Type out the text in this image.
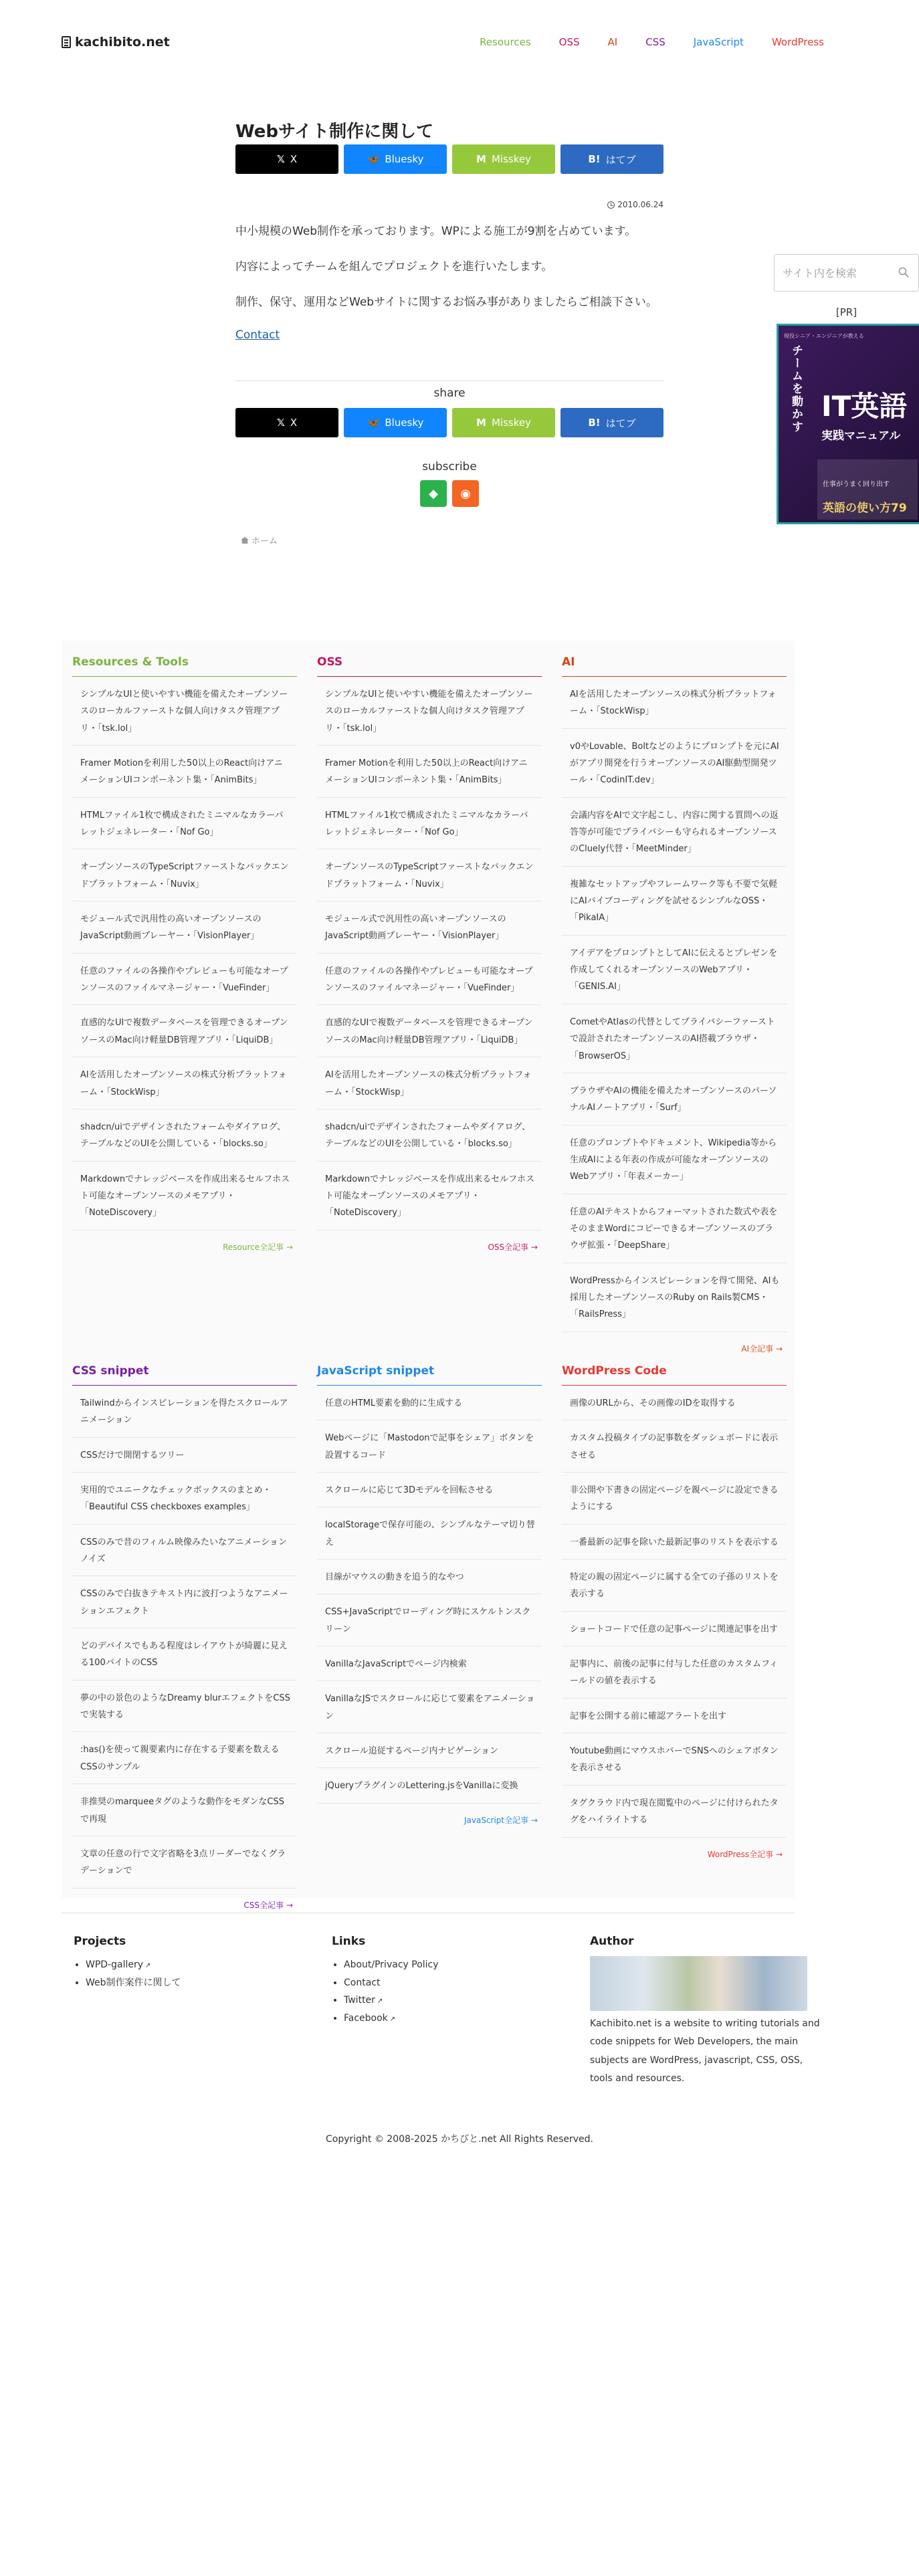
kachibito.net	Resources	OSS	AI	CSS	JavaScript	WordPress
Webサイト制作に関して
𝕏 X	🦋 Bluesky	M Misskey	B! はてブ
2010.06.24

中小規模のWeb制作を承っております。WPによる施工が9割を占めています。

内容によってチームを組んでプロジェクトを進行いたします。

制作、保守、運用などWebサイトに関するお悩み事がありましたらご相談下さい。

Contact
share
𝕏 X	🦋 Bluesky	M Misskey	B! はてブ
subscribe
◆	◉
ホーム
サイト内を検索
[PR]
現役シニア・エンジニアが教える
チームを動かす IT英語
実践マニュアル
仕事がうまく回り出す
英語の使い方79
Resources & Tools
シンプルなUIと使いやすい機能を備えたオープンソースのローカルファーストな個人向けタスク管理アプリ・「tsk.lol」
Framer Motionを利用した50以上のReact向けアニメーションUIコンポーネント集・「AnimBits」
HTMLファイル1枚で構成されたミニマルなカラーパレットジェネレーター・「Nof Go」
オープンソースのTypeScriptファーストなバックエンドプラットフォーム・「Nuvix」
モジュール式で汎用性の高いオープンソースのJavaScript動画プレーヤー・「VisionPlayer」
任意のファイルの各操作やプレビューも可能なオープンソースのファイルマネージャー・「VueFinder」
直感的なUIで複数データベースを管理できるオープンソースのMac向け軽量DB管理アプリ・「LiquiDB」
AIを活用したオープンソースの株式分析プラットフォーム・「StockWisp」
shadcn/uiでデザインされたフォームやダイアログ、テーブルなどのUIを公開している・「blocks.so」
Markdownでナレッジベースを作成出来るセルフホスト可能なオープンソースのメモアプリ・「NoteDiscovery」
Resource全記事 →
OSS
シンプルなUIと使いやすい機能を備えたオープンソースのローカルファーストな個人向けタスク管理アプリ・「tsk.lol」
Framer Motionを利用した50以上のReact向けアニメーションUIコンポーネント集・「AnimBits」
HTMLファイル1枚で構成されたミニマルなカラーパレットジェネレーター・「Nof Go」
オープンソースのTypeScriptファーストなバックエンドプラットフォーム・「Nuvix」
モジュール式で汎用性の高いオープンソースのJavaScript動画プレーヤー・「VisionPlayer」
任意のファイルの各操作やプレビューも可能なオープンソースのファイルマネージャー・「VueFinder」
直感的なUIで複数データベースを管理できるオープンソースのMac向け軽量DB管理アプリ・「LiquiDB」
AIを活用したオープンソースの株式分析プラットフォーム・「StockWisp」
shadcn/uiでデザインされたフォームやダイアログ、テーブルなどのUIを公開している・「blocks.so」
Markdownでナレッジベースを作成出来るセルフホスト可能なオープンソースのメモアプリ・「NoteDiscovery」
OSS全記事 →
AI
AIを活用したオープンソースの株式分析プラットフォーム・「StockWisp」
v0やLovable、Boltなどのようにプロンプトを元にAIがアプリ開発を行うオープンソースのAI駆動型開発ツール・「CodinIT.dev」
会議内容をAIで文字起こし、内容に関する質問への返答等が可能でプライバシーも守られるオープンソースのCluely代替・「MeetMinder」
複雑なセットアップやフレームワーク等も不要で気軽にAIバイブコーディングを試せるシンプルなOSS・「PikaIA」
アイデアをプロンプトとしてAIに伝えるとプレゼンを作成してくれるオープンソースのWebアプリ・「GENIS.AI」
CometやAtlasの代替としてプライバシーファーストで設計されたオープンソースのAI搭載ブラウザ・「BrowserOS」
ブラウザやAIの機能を備えたオープンソースのパーソナルAIノートアプリ・「Surf」
任意のプロンプトやドキュメント、Wikipedia等から生成AIによる年表の作成が可能なオープンソースのWebアプリ・「年表メーカー」
任意のAIテキストからフォーマットされた数式や表をそのままWordにコピーできるオープンソースのブラウザ拡張・「DeepShare」
WordPressからインスピレーションを得て開発、AIも採用したオープンソースのRuby on Rails製CMS・「RailsPress」
AI全記事 →
CSS snippet
Tailwindからインスピレーションを得たスクロールアニメーション
CSSだけで開閉するツリー
実用的でユニークなチェックボックスのまとめ・「Beautiful CSS checkboxes examples」
CSSのみで昔のフィルム映像みたいなアニメーションノイズ
CSSのみで白抜きテキスト内に波打つようなアニメーションエフェクト
どのデバイスでもある程度はレイアウトが綺麗に見える100バイトのCSS
夢の中の景色のようなDreamy blurエフェクトをCSSで実装する
:has()を使って親要素内に存在する子要素を数えるCSSのサンプル
非推奨のmarqueeタグのような動作をモダンなCSSで再現
文章の任意の行で文字省略を3点リーダーでなくグラデーションで
CSS全記事 →
JavaScript snippet
任意のHTML要素を動的に生成する
Webページに「Mastodonで記事をシェア」ボタンを設置するコード
スクロールに応じて3Dモデルを回転させる
localStorageで保存可能の、シンプルなテーマ切り替え
目線がマウスの動きを追う的なやつ
CSS+JavaScriptでローディング時にスケルトンスクリーン
VanillaなJavaScriptでページ内検索
VanillaなJSでスクロールに応じて要素をアニメーション
スクロール追従するページ内ナビゲーション
jQueryプラグインのLettering.jsをVanillaに変換
JavaScript全記事 →
WordPress Code
画像のURLから、その画像のIDを取得する
カスタム投稿タイプの記事数をダッシュボードに表示させる
非公開や下書きの固定ページを親ページに設定できるようにする
一番最新の記事を除いた最新記事のリストを表示する
特定の親の固定ページに属する全ての子孫のリストを表示する
ショートコードで任意の記事ページに関連記事を出す
記事内に、前後の記事に付与した任意のカスタムフィールドの値を表示する
記事を公開する前に確認アラートを出す
Youtube動画にマウスホバーでSNSへのシェアボタンを表示させる
タグクラウド内で現在閲覧中のページに付けられたタグをハイライトする
WordPress全記事 →
Projects
• WPD-gallery ↗
• Web制作案件に関して
Links
• About/Privacy Policy
• Contact
• Twitter ↗
• Facebook ↗
Author
Kachibito.net is a website to writing tutorials and code snippets for Web Developers, the main subjects are WordPress, javascript, CSS, OSS, tools and resources.
Copyright © 2008-2025 かちびと.net All Rights Reserved.
